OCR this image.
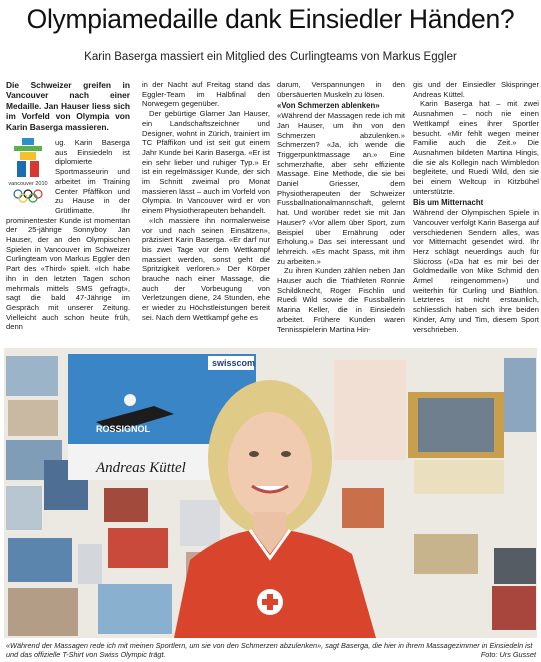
Olympiamedaille dank Einsiedler Händen?
Karin Baserga massiert ein Mitglied des Curlingteams von Markus Eggler

Die Schweizer greifen in Vancouver nach einer Medaille. Jan Hauser liess sich im Vorfeld von Olympia von Karin Baserga massieren.

vancouver 2010

ug. Karin Baserga aus Einsiedeln ist diplomierte Sportmasseurin und arbeitet im Training Center Pfäffikon und zu Hause in der Grütlimatte. Ihr prominentester Kunde ist momentan der 25-jährige Sonnyboy Jan Hauser, der an den Olympischen Spielen in Vancouver im Schweizer Curlingteam von Markus Eggler den Part des «Third» spielt. «Ich habe ihn in den letzten Tagen schon mehrmals mittels SMS gefragt», sagt die bald 47-Jährige im Gespräch mit unserer Zeitung. Vielleicht auch schon heute früh, denn

in der Nacht auf Freitag stand das Eggler-Team im Halbfinal den Norwegern gegenüber.

Der gebürtige Glarner Jan Hauser, ein Landschaftszeichner und Designer, wohnt in Zürich, trainiert im TC Pfäffikon und ist seit gut einem Jahr Kunde bei Karin Baserga. «Er ist ein sehr lieber und ruhiger Typ.» Er ist ein regelmässiger Kunde, der sich im Schnitt zweimal pro Monat massieren lässt – auch im Vorfeld von Olympia. In Vancouver wird er von einem Physiotherapeuten behandelt.

«Ich massiere ihn normalerweise vor und nach seinen Einsätzen», präzisiert Karin Baserga. «Er darf nur bis zwei Tage vor dem Wettkampf massiert werden, sonst geht die Spritzigkeit verloren.» Der Körper brauche nach einer Massage, die auch der Vorbeugung von Verletzungen diene, 24 Stunden, ehe er wieder zu Höchstleistungen bereit sei. Nach dem Wettkampf gehe es

darum, Verspannungen in den übersäuerten Muskeln zu lösen.

«Von Schmerzen ablenken»

«Während der Massagen rede ich mit Jan Hauser, um ihn von den Schmerzen abzulenken.» Schmerzen? «Ja, ich wende die Triggerpunktmassage an.» Eine schmerzhafte, aber sehr effiziente Massage. Eine Methode, die sie bei Daniel Griesser, dem Physiotherapeuten der Schweizer Fussballnationalmannschaft, gelernt hat. Und worüber redet sie mit Jan Hauser? «Vor allem über Sport, zum Beispiel über Ernährung oder Erholung.» Das sei interessant und lehrreich. «Es macht Spass, mit ihm zu arbeiten.»

Zu ihren Kunden zählen neben Jan Hauser auch die Triathleten Ronnie Schildknecht, Roger Fischlin und Ruedi Wild sowie die Fussballerin Marina Keller, die in Einsiedeln arbeitet. Frühere Kunden waren Tennisspielerin Martina Hin-

gis und der Einsiedler Skispringer Andreas Küttel.

Karin Baserga hat – mit zwei Ausnahmen – noch nie einen Wettkampf eines ihrer Sportler besucht. «Mir fehlt wegen meiner Familie auch die Zeit.» Die Ausnahmen bildeten Martina Hingis, die sie als Kollegin nach Wimbledon begleitete, und Ruedi Wild, den sie bei einem Weltcup in Kitzbühel unterstützte.

Bis um Mitternacht

Während der Olympischen Spiele in Vancouver verfolgt Karin Baserga auf verschiedenen Sendern alles, was vor Mitternacht gesendet wird. Ihr Herz schlägt neuerdings auch für Skicross («Da hat es mir bei der Goldmedaille von Mike Schmid den Ärmel reingenommen») und weiterhin für Curling und Biathlon. Letzteres ist nicht erstaunlich, schliesslich haben sich ihre beiden Kinder, Amy und Tim, diesem Sport verschrieben.

swisscom
ROSSIGNOL
Andreas Küttel
«Während der Massagen rede ich mit meinen Sportlern, um sie von den Schmerzen abzulenken», sagt Baserga, die hier in ihrem Massagezimmer in Einsiedeln ist und das offizielle T-Shirt von Swiss Olympic trägt.	Foto: Urs Gusset
